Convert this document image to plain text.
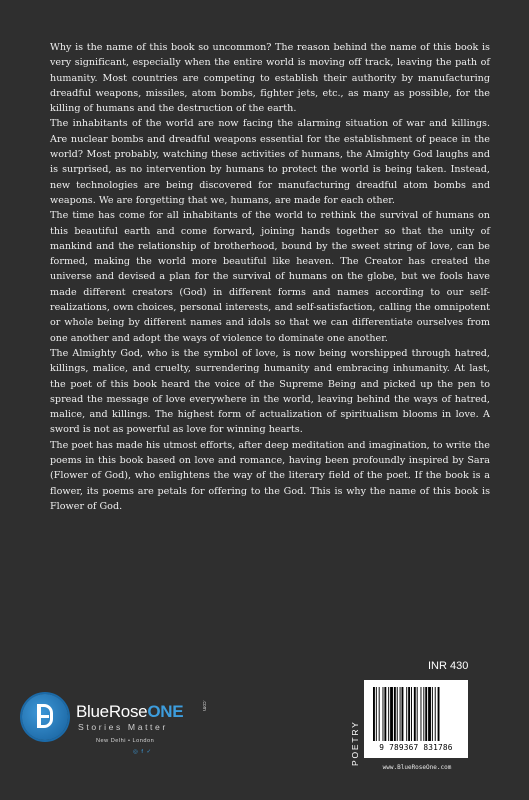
Why is the name of this book so uncommon? The reason behind the name of this book is very significant, especially when the entire world is moving off track, leaving the path of humanity. Most countries are competing to establish their authority by manufacturing dreadful weapons, missiles, atom bombs, fighter jets, etc., as many as possible, for the killing of humans and the destruction of the earth.

The inhabitants of the world are now facing the alarming situation of war and killings. Are nuclear bombs and dreadful weapons essential for the establishment of peace in the world? Most probably, watching these activities of humans, the Almighty God laughs and is surprised, as no intervention by humans to protect the world is being taken. Instead, new technologies are being discovered for manufacturing dreadful atom bombs and weapons. We are forgetting that we, humans, are made for each other.

The time has come for all inhabitants of the world to rethink the survival of humans on this beautiful earth and come forward, joining hands together so that the unity of mankind and the relationship of brotherhood, bound by the sweet string of love, can be formed, making the world more beautiful like heaven. The Creator has created the universe and devised a plan for the survival of humans on the globe, but we fools have made different creators (God) in different forms and names according to our self-realizations, own choices, personal interests, and self-satisfaction, calling the omnipotent or whole being by different names and idols so that we can differentiate ourselves from one another and adopt the ways of violence to dominate one another.

The Almighty God, who is the symbol of love, is now being worshipped through hatred, killings, malice, and cruelty, surrendering humanity and embracing inhumanity. At last, the poet of this book heard the voice of the Supreme Being and picked up the pen to spread the message of love everywhere in the world, leaving behind the ways of hatred, malice, and killings. The highest form of actualization of spiritualism blooms in love. A sword is not as powerful as love for winning hearts.

The poet has made his utmost efforts, after deep meditation and imagination, to write the poems in this book based on love and romance, having been profoundly inspired by Sara (Flower of God), who enlightens the way of the literary field of the poet. If the book is a flower, its poems are petals for offering to the God. This is why the name of this book is Flower of God.

BlueRoseONE	.com
Stories Matter
New Delhi • London
◎ f ✓
INR 430
POETRY	9 789367 831786
www.BlueRoseOne.com
